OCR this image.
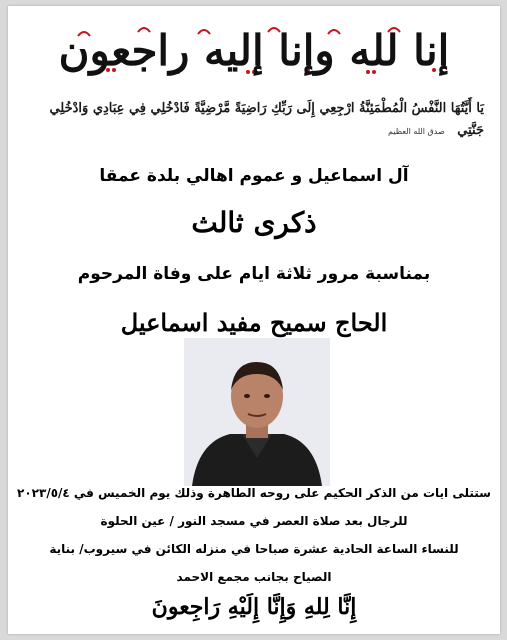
إنا لله وإنا إليه راجعون
يَا أَيَّتُهَا النَّفْسُ الْمُطْمَئِنَّةُ ارْجِعِي إِلَى رَبِّكِ رَاضِيَةً مَّرْضِيَّةً فَادْخُلِي فِي عِبَادِي وَادْخُلِي جَنَّتِي صدق الله العظيم
آل اسماعيل و عموم اهالي بلدة عمقا
ذكرى ثالث
بمناسبة مرور ثلاثة ايام على وفاة المرحوم
الحاج سميح مفيد اسماعيل
ستتلى ايات من الذكر الحكيم على روحه الطاهرة وذلك يوم الخميس في ٢٠٢٣/٥/٤
للرجال بعد صلاة العصر في مسجد النور / عين الحلوة
للنساء الساعة الحادية عشرة صباحا في منزله الكائن في سيروب/ بناية
الصياح بجانب مجمع الاحمد
إِنَّا لِلهِ وَإِنَّا إِلَيْهِ رَاجِعونَ
